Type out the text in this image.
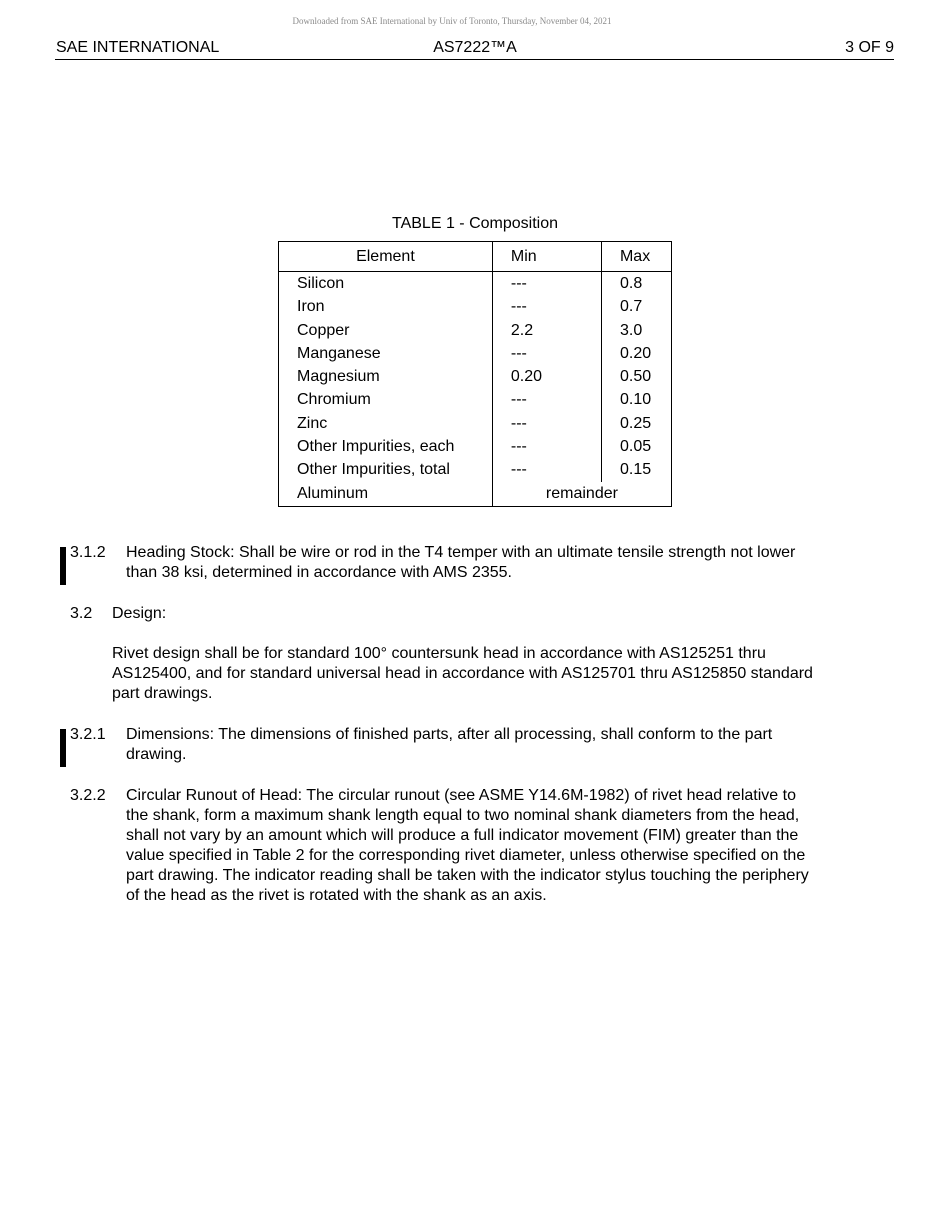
Downloaded from SAE International by Univ of Toronto, Thursday, November 04, 2021
SAE INTERNATIONAL	AS7222™A	3 OF 9
TABLE 1 - Composition
Element	Min	Max
Silicon	---	0.8
Iron	---	0.7
Copper	2.2	3.0
Manganese	---	0.20
Magnesium	0.20	0.50
Chromium	---	0.10
Zinc	---	0.25
Other Impurities, each	---	0.05
Other Impurities, total	---	0.15
Aluminum	remainder	
3.1.2 Heading Stock: Shall be wire or rod in the T4 temper with an ultimate tensile strength not lower
than 38 ksi, determined in accordance with AMS 2355.
3.2 Design:
Rivet design shall be for standard 100° countersunk head in accordance with AS125251 thru
AS125400, and for standard universal head in accordance with AS125701 thru AS125850 standard
part drawings.
3.2.1 Dimensions: The dimensions of finished parts, after all processing, shall conform to the part
drawing.
3.2.2 Circular Runout of Head: The circular runout (see ASME Y14.6M-1982) of rivet head relative to
the shank, form a maximum shank length equal to two nominal shank diameters from the head,
shall not vary by an amount which will produce a full indicator movement (FIM) greater than the
value specified in Table 2 for the corresponding rivet diameter, unless otherwise specified on the
part drawing. The indicator reading shall be taken with the indicator stylus touching the periphery
of the head as the rivet is rotated with the shank as an axis.
